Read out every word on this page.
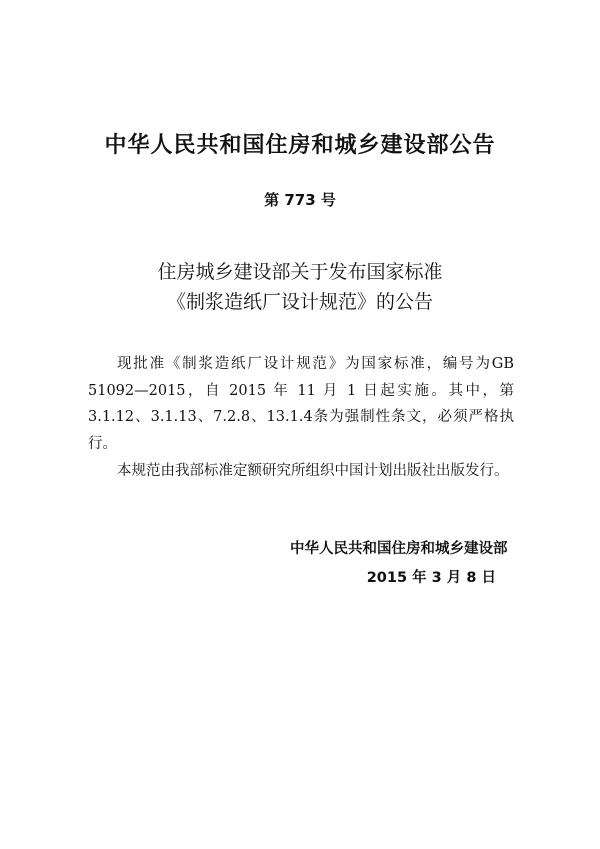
中华人民共和国住房和城乡建设部公告
第 773 号
住房城乡建设部关于发布国家标准
《制浆造纸厂设计规范》的公告

现批准《制浆造纸厂设计规范》为国家标准，编号为GB 51092—2015，自 2015 年 11 月 1 日起实施。其中，第3.1.12、3.1.13、7.2.8、13.1.4条为强制性条文，必须严格执行。

本规范由我部标准定额研究所组织中国计划出版社出版发行。

中华人民共和国住房和城乡建设部
2015 年 3 月 8 日
